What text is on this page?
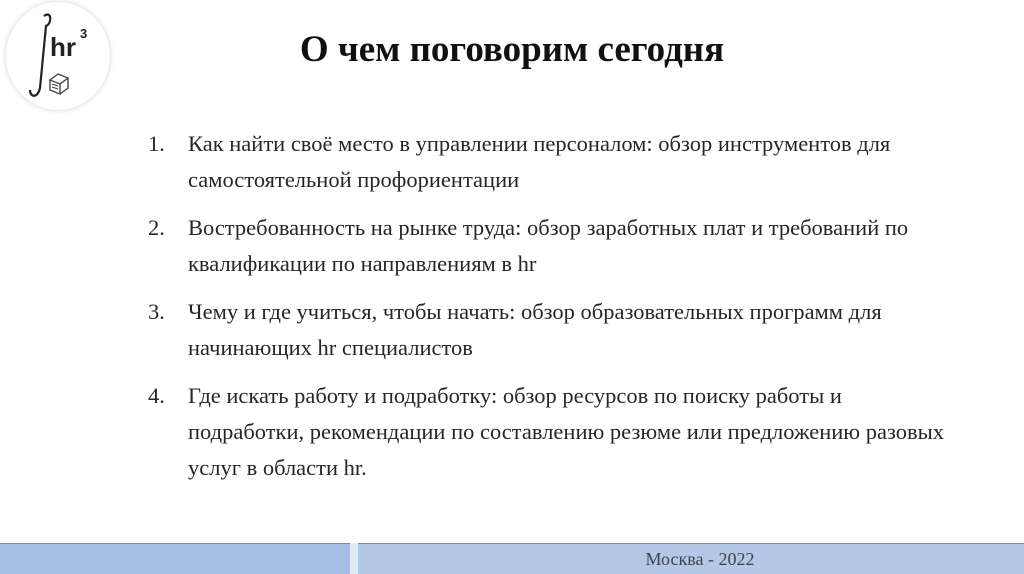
hr 3	О чем поговорим сегодня
1. Как найти своё место в управлении персоналом: обзор инструментов для самостоятельной профориентации
2. Востребованность на рынке труда: обзор заработных плат и требований по квалификации по направлениям в hr
3. Чему и где учиться, чтобы начать: обзор образовательных программ для начинающих hr специалистов
4. Где искать работу и подработку: обзор ресурсов по поиску работы и подработки, рекомендации по составлению резюме или предложению разовых услуг в области hr.
Москва - 2022
